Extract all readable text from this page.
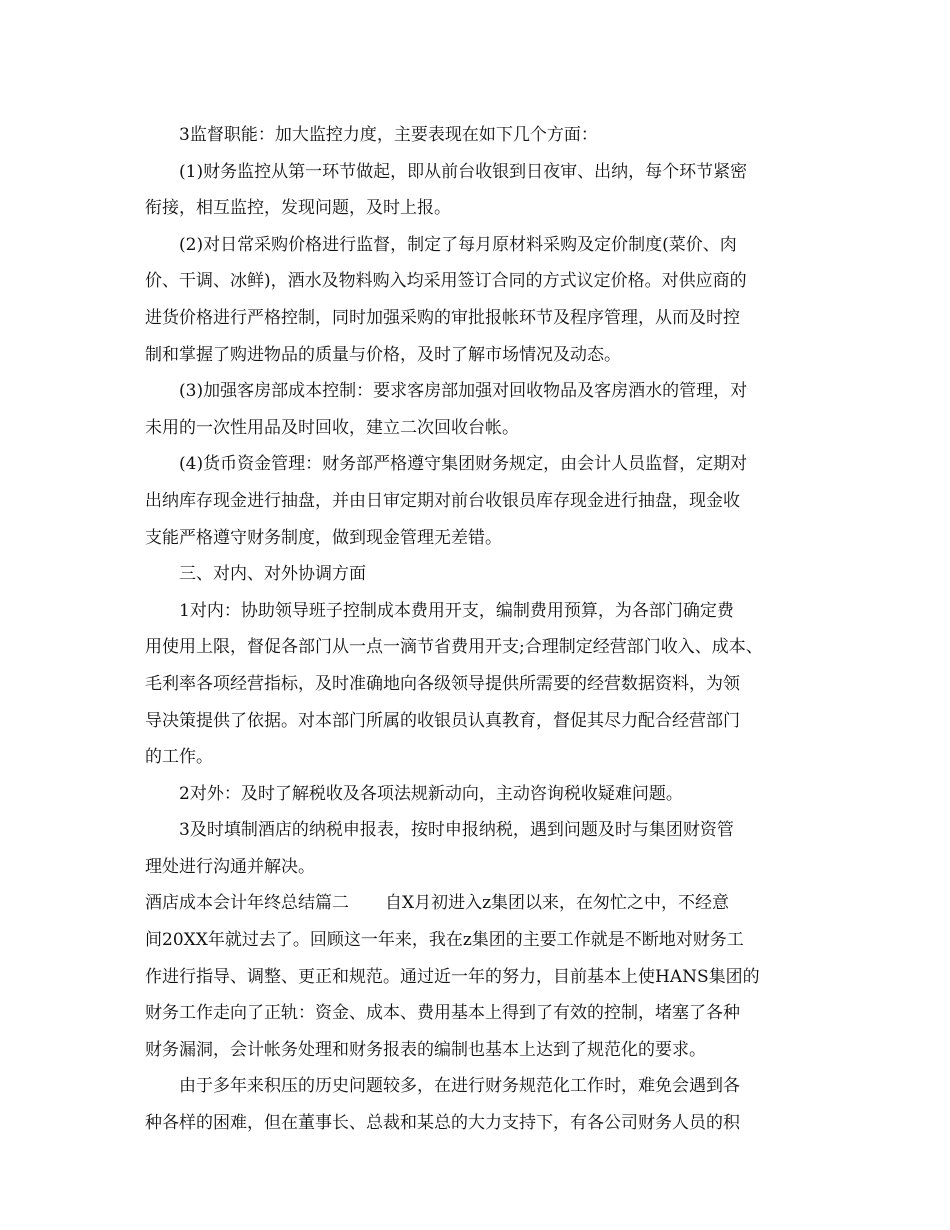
3监督职能：加大监控力度，主要表现在如下几个方面：
(1)财务监控从第一环节做起，即从前台收银到日夜审、出纳，每个环节紧密
衔接，相互监控，发现问题，及时上报。
(2)对日常采购价格进行监督，制定了每月原材料采购及定价制度(菜价、肉
价、干调、冰鲜)，酒水及物料购入均采用签订合同的方式议定价格。对供应商的
进货价格进行严格控制，同时加强采购的审批报帐环节及程序管理，从而及时控
制和掌握了购进物品的质量与价格，及时了解市场情况及动态。
(3)加强客房部成本控制：要求客房部加强对回收物品及客房酒水的管理，对
未用的一次性用品及时回收，建立二次回收台帐。
(4)货币资金管理：财务部严格遵守集团财务规定，由会计人员监督，定期对
出纳库存现金进行抽盘，并由日审定期对前台收银员库存现金进行抽盘，现金收
支能严格遵守财务制度，做到现金管理无差错。
三、对内、对外协调方面
1对内：协助领导班子控制成本费用开支，编制费用预算，为各部门确定费
用使用上限，督促各部门从一点一滴节省费用开支;合理制定经营部门收入、成本、
毛利率各项经营指标，及时准确地向各级领导提供所需要的经营数据资料，为领
导决策提供了依据。对本部门所属的收银员认真教育，督促其尽力配合经营部门
的工作。
2对外：及时了解税收及各项法规新动向，主动咨询税收疑难问题。
3及时填制酒店的纳税申报表，按时申报纳税，遇到问题及时与集团财资管
理处进行沟通并解决。
酒店成本会计年终总结篇二 自X月初进入z集团以来，在匆忙之中，不经意
间20XX年就过去了。回顾这一年来，我在z集团的主要工作就是不断地对财务工
作进行指导、调整、更正和规范。通过近一年的努力，目前基本上使HANS集团的
财务工作走向了正轨：资金、成本、费用基本上得到了有效的控制，堵塞了各种
财务漏洞，会计帐务处理和财务报表的编制也基本上达到了规范化的要求。
由于多年来积压的历史问题较多，在进行财务规范化工作时，难免会遇到各
种各样的困难，但在董事长、总裁和某总的大力支持下，有各公司财务人员的积
